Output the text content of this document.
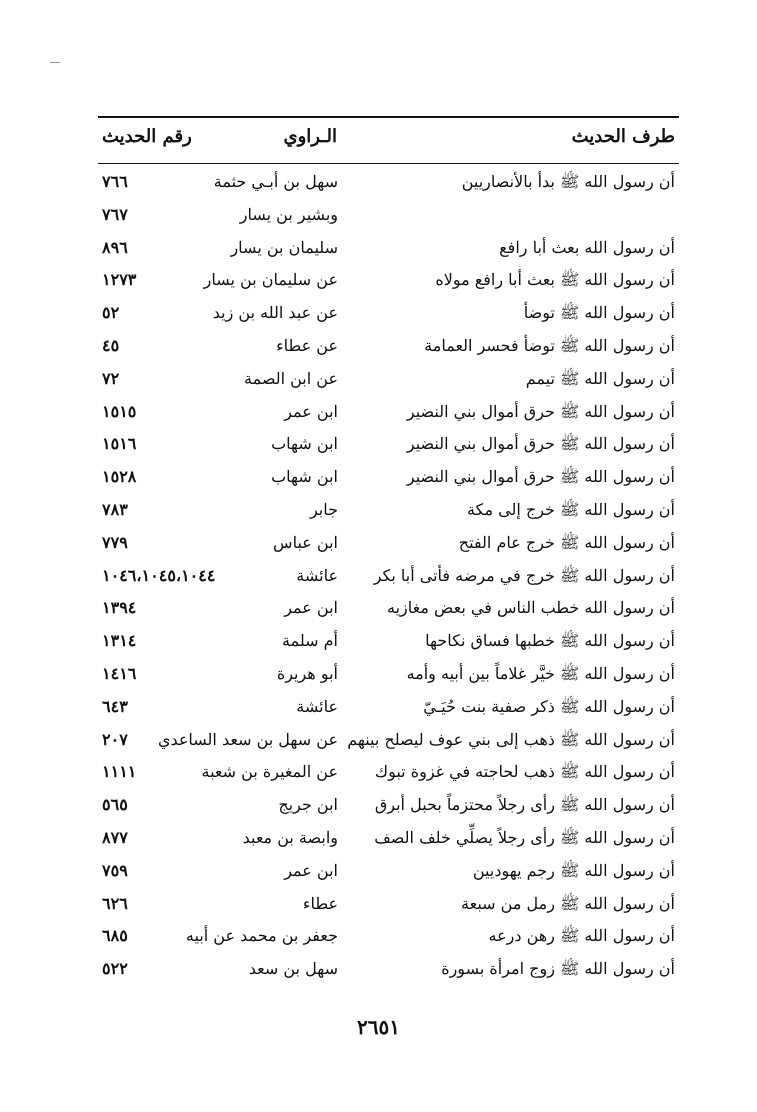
طرف الحديث
الـراوي
رقم الحديث
أن رسول الله ﷺ بدأ بالأنصاريين
سهل بن أبـي حثمة
٧٦٦
وبشير بن يسار
٧٦٧
أن رسول الله بعث أبا رافع
سليمان بن يسار
٨٩٦
أن رسول الله ﷺ بعث أبا رافع مولاه
عن سليمان بن يسار
١٢٧٣
أن رسول الله ﷺ توضأ
عن عبد الله بن زيد
٥٢
أن رسول الله ﷺ توضأ فحسر العمامة
عن عطاء
٤٥
أن رسول الله ﷺ تيمم
عن ابن الصمة
٧٢
أن رسول الله ﷺ حرق أموال بني النضير
ابن عمر
١٥١٥
أن رسول الله ﷺ حرق أموال بني النضير
ابن شهاب
١٥١٦
أن رسول الله ﷺ حرق أموال بني النضير
ابن شهاب
١٥٢٨
أن رسول الله ﷺ خرج إلى مكة
جابر
٧٨٣
أن رسول الله ﷺ خرج عام الفتح
ابن عباس
٧٧٩
أن رسول الله ﷺ خرج في مرضه فأتى أبا بكر
عائشة
١٠٤٦،١٠٤٥،١٠٤٤
أن رسول الله خطب الناس في بعض مغازيه
ابن عمر
١٣٩٤
أن رسول الله ﷺ خطبها فساق نكاحها
أم سلمة
١٣١٤
أن رسول الله ﷺ خيَّر غلاماً بين أبيه وأمه
أبو هريرة
١٤١٦
أن رسول الله ﷺ ذكر صفية بنت حُيَـيّ
عائشة
٦٤٣
أن رسول الله ﷺ ذهب إلى بني عوف ليصلح بينهم
عن سهل بن سعد الساعدي
٢٠٧
أن رسول الله ﷺ ذهب لحاجته في غزوة تبوك
عن المغيرة بن شعبة
١١١١
أن رسول الله ﷺ رأى رجلاً محتزماً بحبل أبرق
ابن جريج
٥٦٥
أن رسول الله ﷺ رأى رجلاً يصلِّي خلف الصف
وابصة بن معبد
٨٧٧
أن رسول الله ﷺ رجم يهوديين
ابن عمر
٧٥٩
أن رسول الله ﷺ رمل من سبعة
عطاء
٦٢٦
أن رسول الله ﷺ رهن درعه
جعفر بن محمد عن أبيه
٦٨٥
أن رسول الله ﷺ زوج امرأة بسورة
سهل بن سعد
٥٢٢
٢٦٥١
